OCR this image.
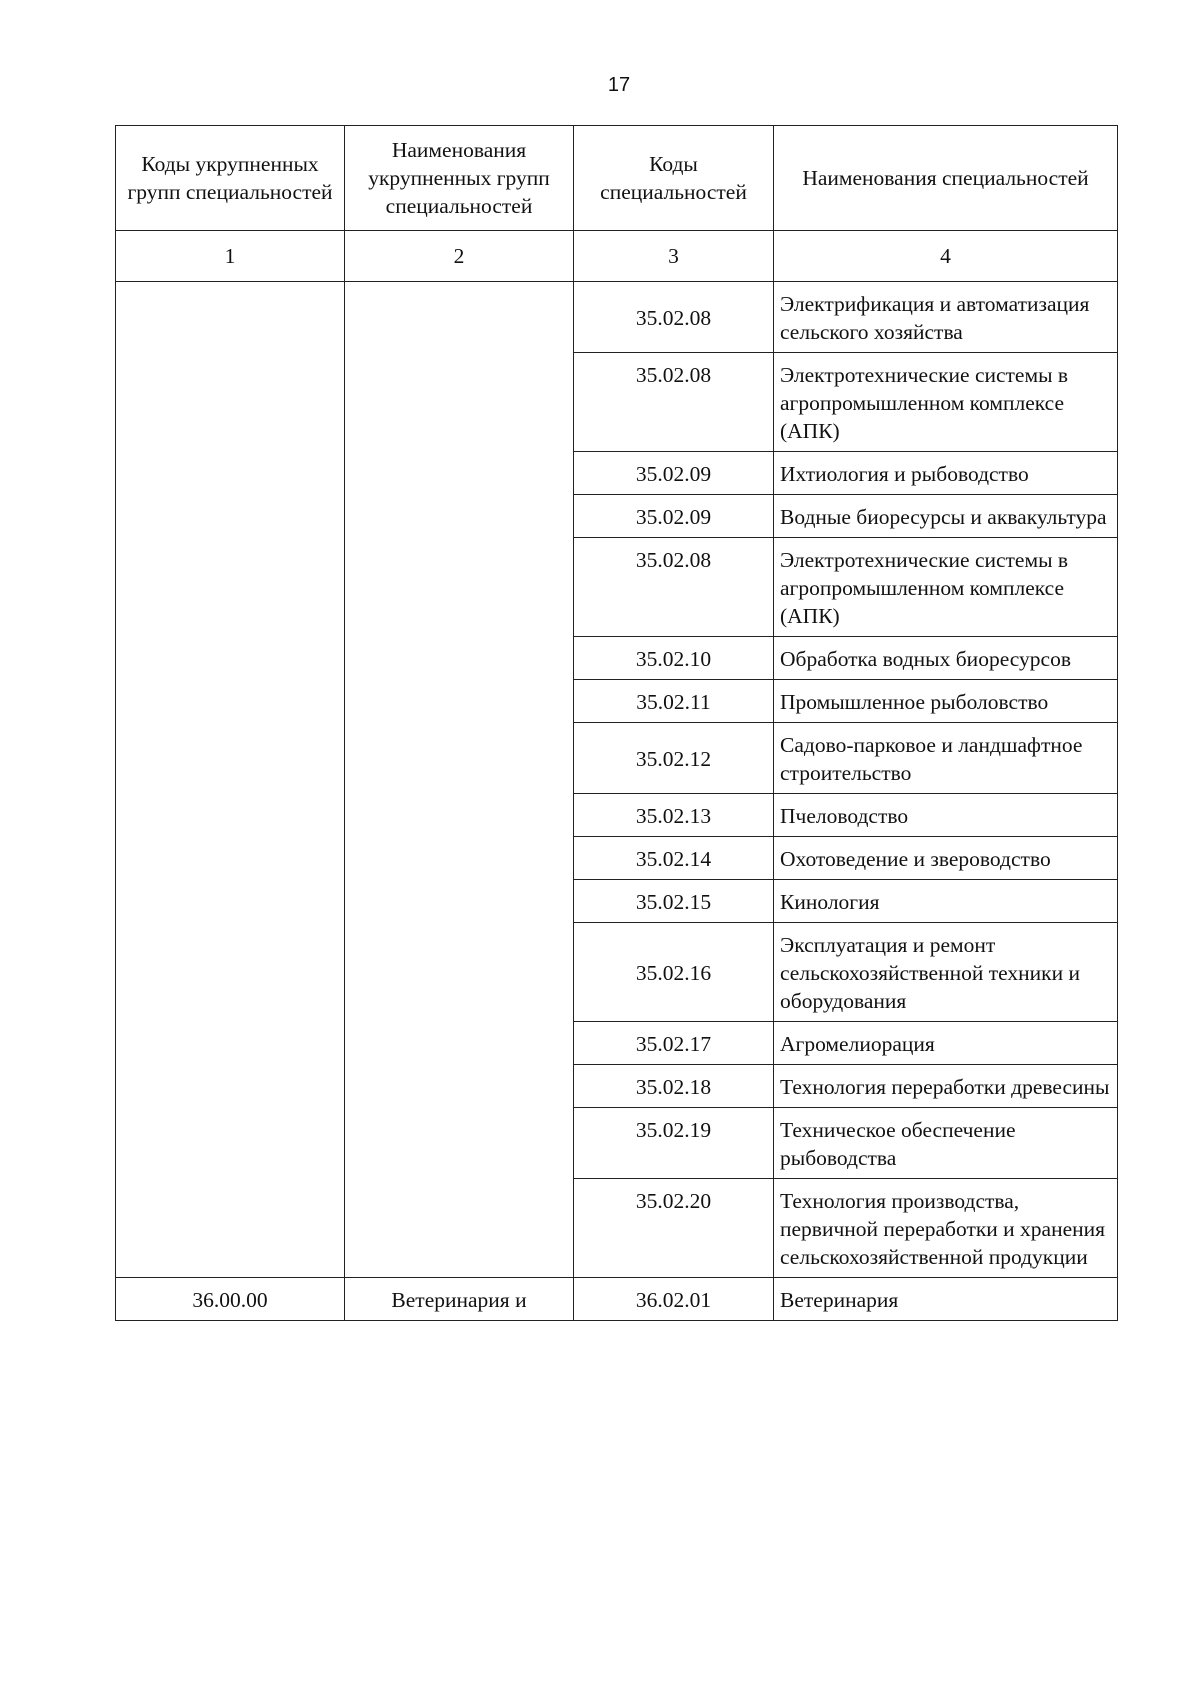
17
Коды укрупненных групп специальностей	Наименования укрупненных групп специальностей	Коды специальностей	Наименования специальностей
1	2	3	4
		35.02.08	Электрификация и автоматизация сельского хозяйства
		35.02.08	Электротехнические системы в агропромышленном комплексе (АПК)
		35.02.09	Ихтиология и рыбоводство
		35.02.09	Водные биоресурсы и аквакультура
		35.02.08	Электротехнические системы в агропромышленном комплексе (АПК)
		35.02.10	Обработка водных биоресурсов
		35.02.11	Промышленное рыболовство
		35.02.12	Садово-парковое и ландшафтное строительство
		35.02.13	Пчеловодство
		35.02.14	Охотоведение и звероводство
		35.02.15	Кинология
		35.02.16	Эксплуатация и ремонт сельскохозяйственной техники и оборудования
		35.02.17	Агромелиорация
		35.02.18	Технология переработки древесины
		35.02.19	Техническое обеспечение рыбоводства
		35.02.20	Технология производства, первичной переработки и хранения сельскохозяйственной продукции
36.00.00	Ветеринария и	36.02.01	Ветеринария
